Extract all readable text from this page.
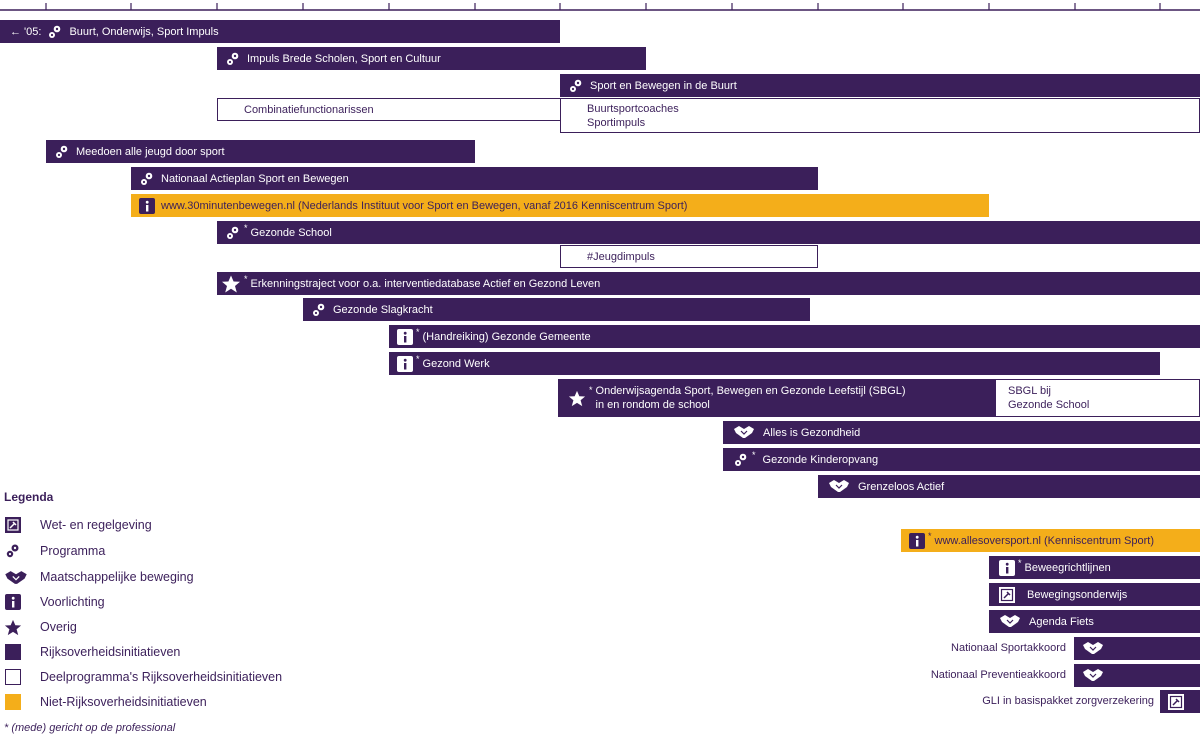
← '05:	Buurt, Onderwijs, Sport Impuls
Impuls Brede Scholen, Sport en Cultuur
Sport en Bewegen in de Buurt
Combinatiefunctionarissen	Buurtsportcoaches
Sportimpuls
Meedoen alle jeugd door sport
Nationaal Actieplan Sport en Bewegen
www.30minutenbewegen.nl (Nederlands Instituut voor Sport en Bewegen, vanaf 2016 Kenniscentrum Sport)
* Gezonde School
#Jeugdimpuls
* Erkenningstraject voor o.a. interventiedatabase Actief en Gezond Leven
Gezonde Slagkracht
* (Handreiking) Gezonde Gemeente
* Gezond Werk
* Onderwijsagenda Sport, Bewegen en Gezonde Leefstijl (SBGL)
in en rondom de school
SBGL bij
Gezonde School
Alles is Gezondheid
* Gezonde Kinderopvang
Grenzeloos Actief
* www.allesoversport.nl (Kenniscentrum Sport)
* Beweegrichtlijnen
Bewegingsonderwijs
Agenda Fiets
Nationaal Sportakkoord
Nationaal Preventieakkoord
GLI in basispakket zorgverzekering
Legenda
Wet- en regelgeving
Programma
Maatschappelijke beweging
Voorlichting
Overig
Rijksoverheidsinitiatieven
Deelprogramma's Rijksoverheidsinitiatieven
Niet-Rijksoverheidsinitiatieven
* (mede) gericht op de professional
